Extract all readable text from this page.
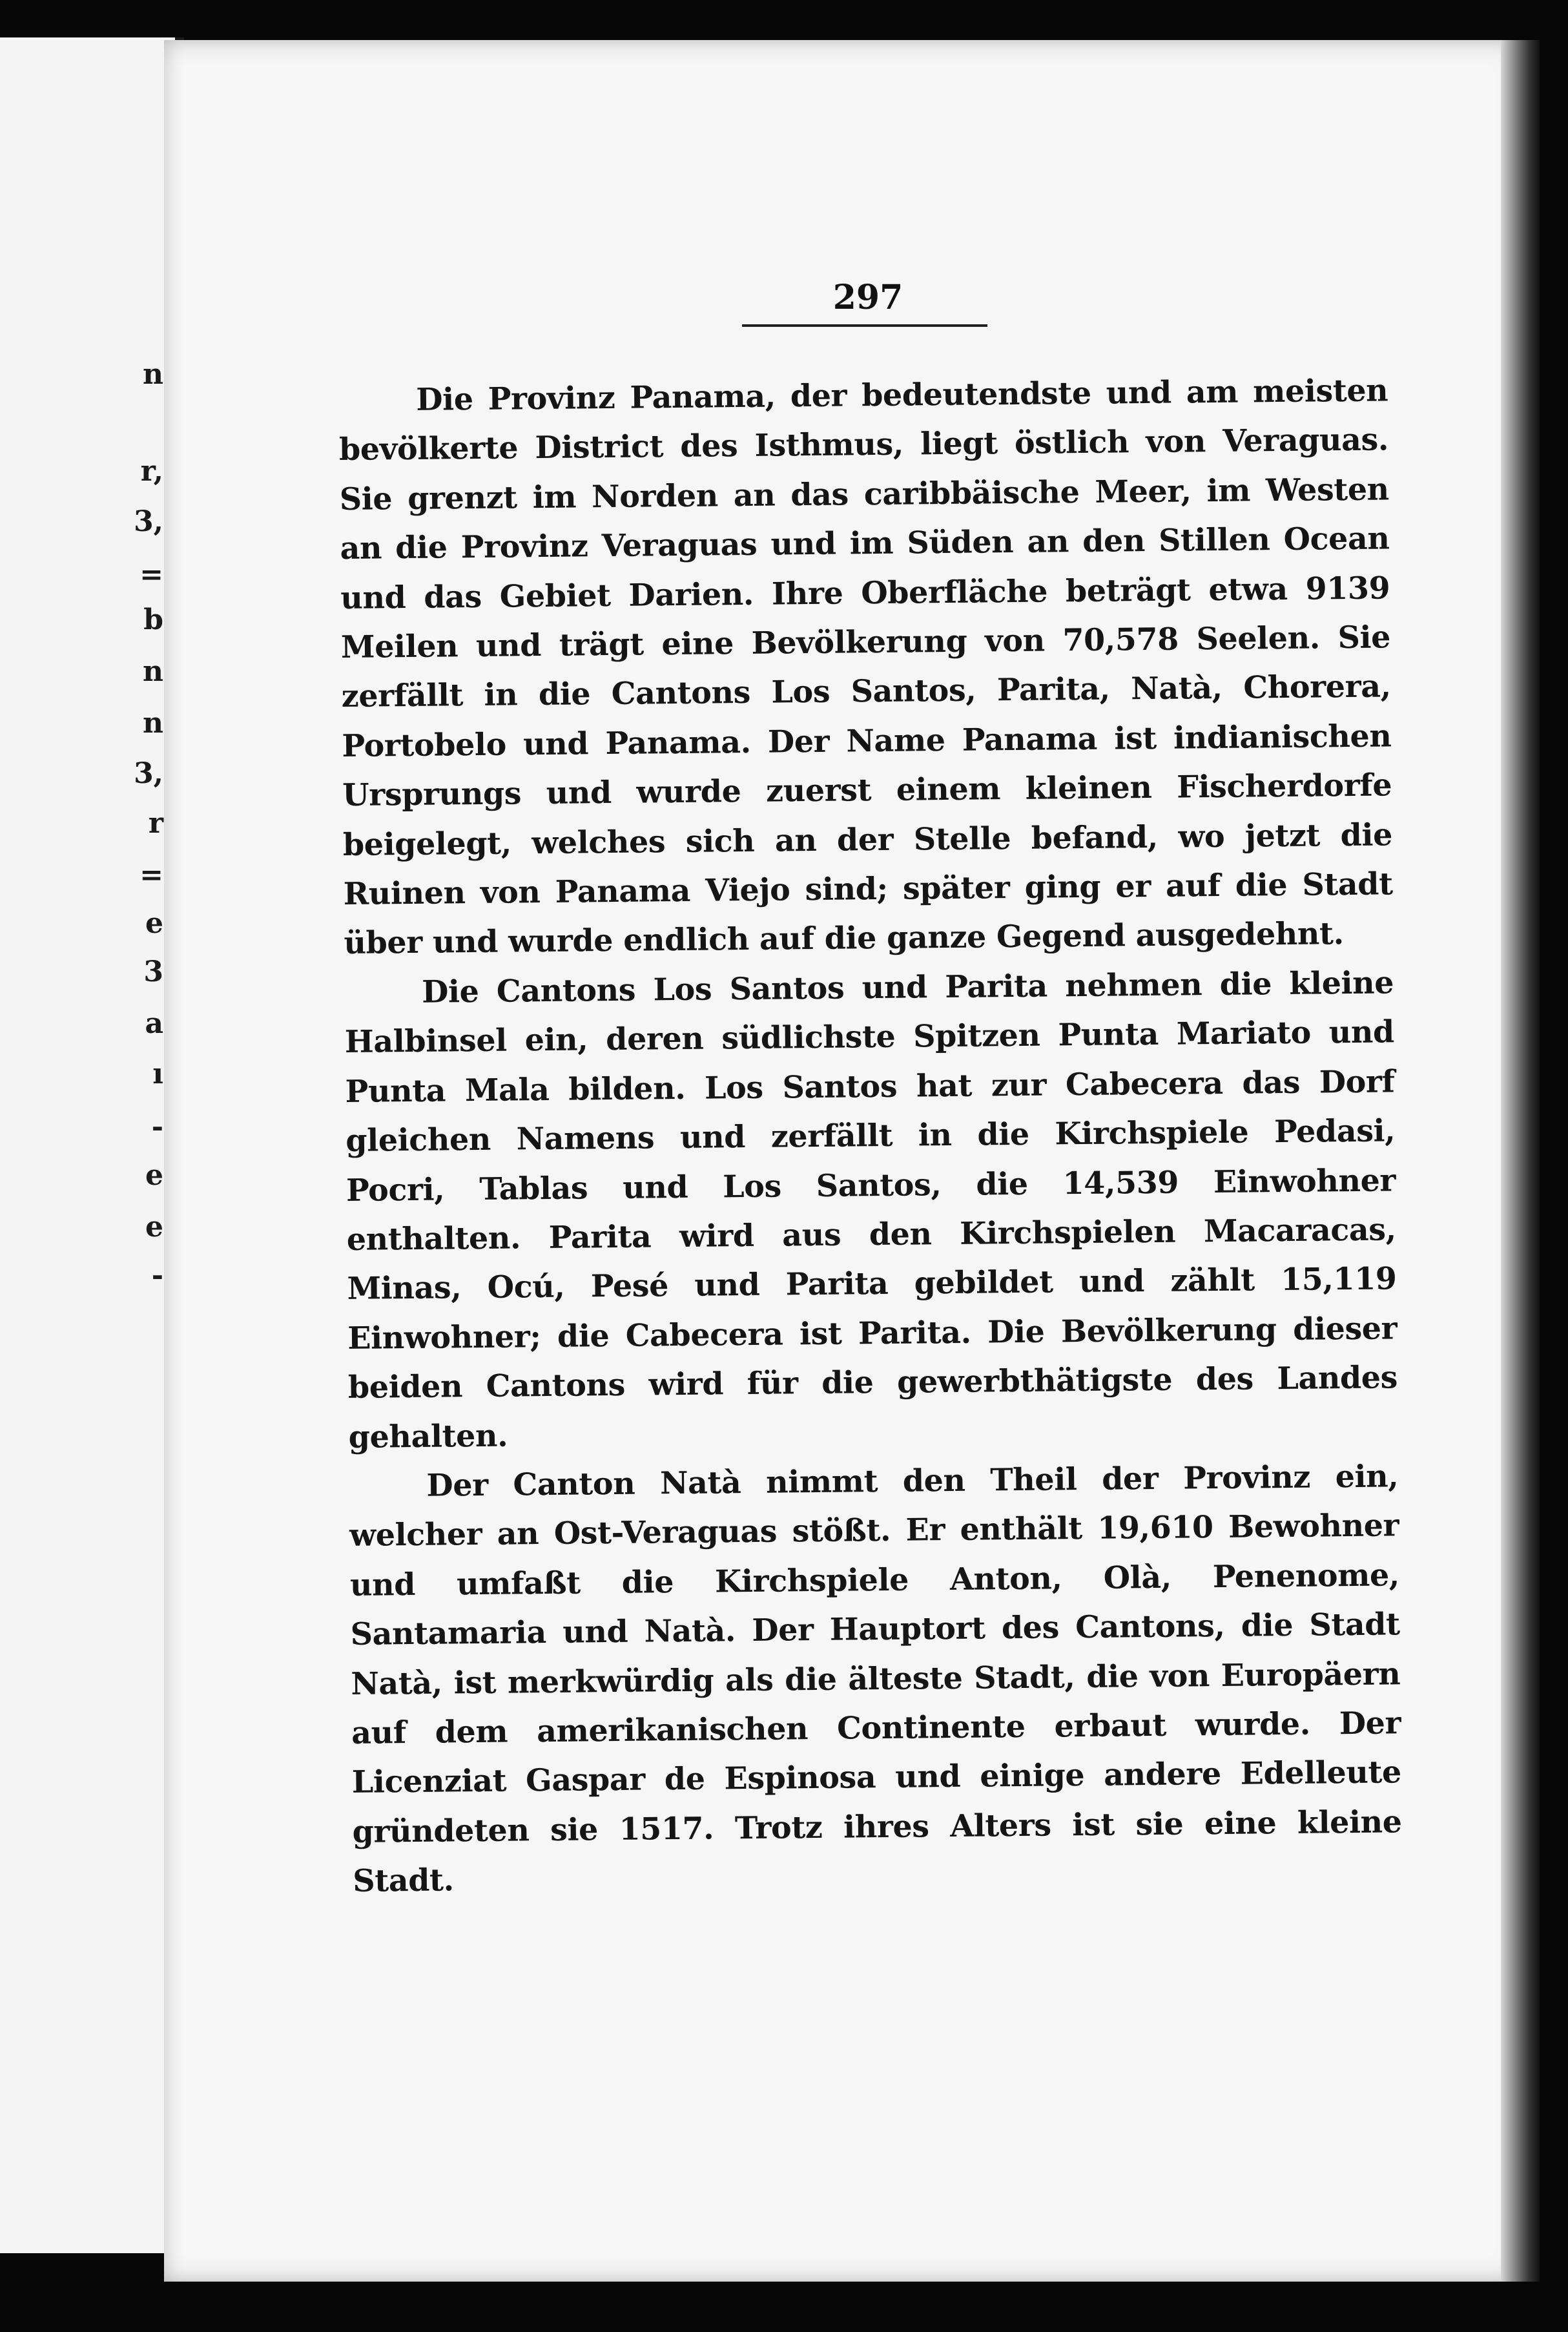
n
r,
3,
=
b
n
n
3,
r
=
e
3
a
ı
-
e
e
-
297

Die Provinz Panama, der bedeutendste und am meisten bevölkerte District des Isthmus, liegt östlich von Veraguas. Sie grenzt im Norden an das caribbäische Meer, im Westen an die Provinz Veraguas und im Süden an den Stillen Ocean und das Gebiet Darien. Ihre Oberfläche beträgt etwa 9139 Meilen und trägt eine Bevölkerung von 70,578 Seelen. Sie zerfällt in die Cantons Los Santos, Parita, Natà, Chorera, Portobelo und Panama. Der Name Panama ist indianischen Ursprungs und wurde zuerst einem kleinen Fischerdorfe beigelegt, welches sich an der Stelle befand, wo jetzt die Ruinen von Panama Viejo sind; später ging er auf die Stadt über und wurde endlich auf die ganze Gegend ausgedehnt.

Die Cantons Los Santos und Parita nehmen die kleine Halbinsel ein, deren südlichste Spitzen Punta Mariato und Punta Mala bilden. Los Santos hat zur Cabecera das Dorf gleichen Namens und zerfällt in die Kirchspiele Pedasi, Pocri, Tablas und Los Santos, die 14,539 Einwohner enthalten. Parita wird aus den Kirchspielen Macaracas, Minas, Ocú, Pesé und Parita gebildet und zählt 15,119 Einwohner; die Cabecera ist Parita. Die Bevölkerung dieser beiden Cantons wird für die gewerbthätigste des Landes gehalten.

Der Canton Natà nimmt den Theil der Provinz ein, welcher an Ost-Veraguas stößt. Er enthält 19,610 Bewohner und umfaßt die Kirchspiele Anton, Olà, Penenome, Santamaria und Natà. Der Hauptort des Cantons, die Stadt Natà, ist merkwürdig als die älteste Stadt, die von Europäern auf dem amerikanischen Continente erbaut wurde. Der Licenziat Gaspar de Espinosa und einige andere Edelleute gründeten sie 1517. Trotz ihres Alters ist sie eine kleine Stadt.
